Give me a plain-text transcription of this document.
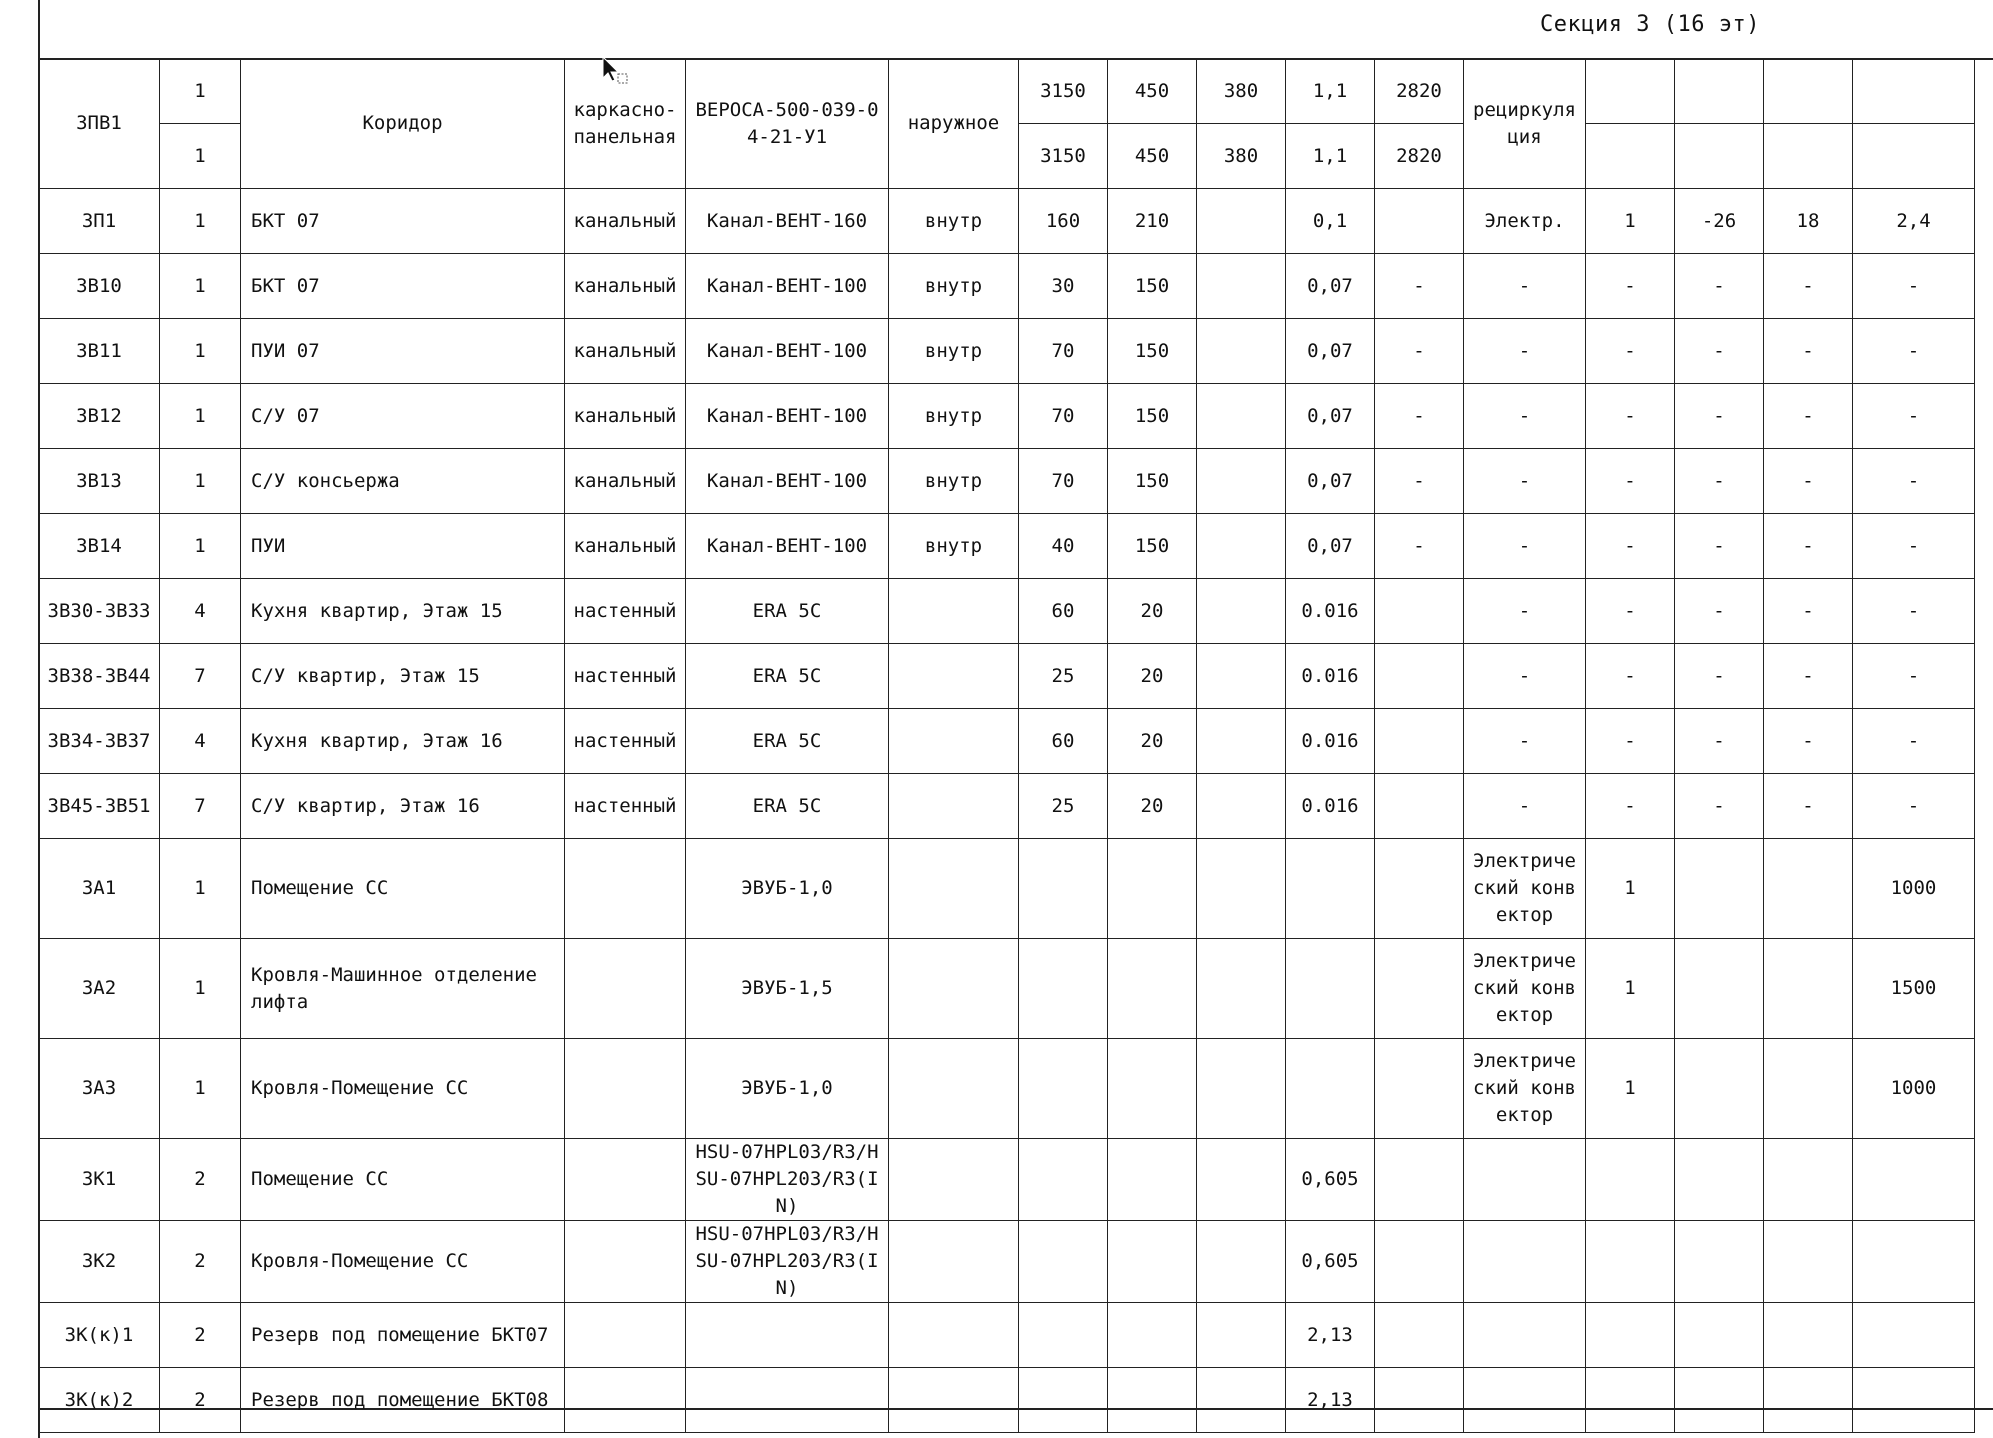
Секция 3 (16 эт)
3ПВ1	1	Коридор	каркасно-панельная	ВЕРОСА-500-039-04-21-У1	наружное	3150	450	380	1,1	2820	рециркуляция				
	1					3150	450	380	1,1	2820					
3П1	1	БКТ 07	канальный	Канал-ВЕНТ-160	внутр	160	210		0,1		Электр.	1	-26	18	2,4
3В10	1	БКТ 07	канальный	Канал-ВЕНТ-100	внутр	30	150		0,07	-	-	-	-	-	-
3В11	1	ПУИ 07	канальный	Канал-ВЕНТ-100	внутр	70	150		0,07	-	-	-	-	-	-
3В12	1	С/У 07	канальный	Канал-ВЕНТ-100	внутр	70	150		0,07	-	-	-	-	-	-
3В13	1	С/У консьержа	канальный	Канал-ВЕНТ-100	внутр	70	150		0,07	-	-	-	-	-	-
3В14	1	ПУИ	канальный	Канал-ВЕНТ-100	внутр	40	150		0,07	-	-	-	-	-	-
3В30-3В33	4	Кухня квартир, Этаж 15	настенный	ERA 5C		60	20		0.016		-	-	-	-	-
3В38-3В44	7	С/У квартир, Этаж 15	настенный	ERA 5C		25	20		0.016		-	-	-	-	-
3В34-3В37	4	Кухня квартир, Этаж 16	настенный	ERA 5C		60	20		0.016		-	-	-	-	-
3В45-3В51	7	С/У квартир, Этаж 16	настенный	ERA 5C		25	20		0.016		-	-	-	-	-
3А1	1	Помещение СС		ЭВУБ-1,0							Электрический конвектор	1			1000
3А2	1	Кровля-Машинное отделение лифта		ЭВУБ-1,5							Электрический конвектор	1			1500
3А3	1	Кровля-Помещение СС		ЭВУБ-1,0							Электрический конвектор	1			1000
3К1	2	Помещение СС		HSU-07HPL03/R3/HSU-07HPL203/R3(IN)					0,605						
3К2	2	Кровля-Помещение СС		HSU-07HPL03/R3/HSU-07HPL203/R3(IN)					0,605						
3К(к)1	2	Резерв под помещение БКТ07							2,13						
3К(к)2	2	Резерв под помещение БКТ08							2,13						
